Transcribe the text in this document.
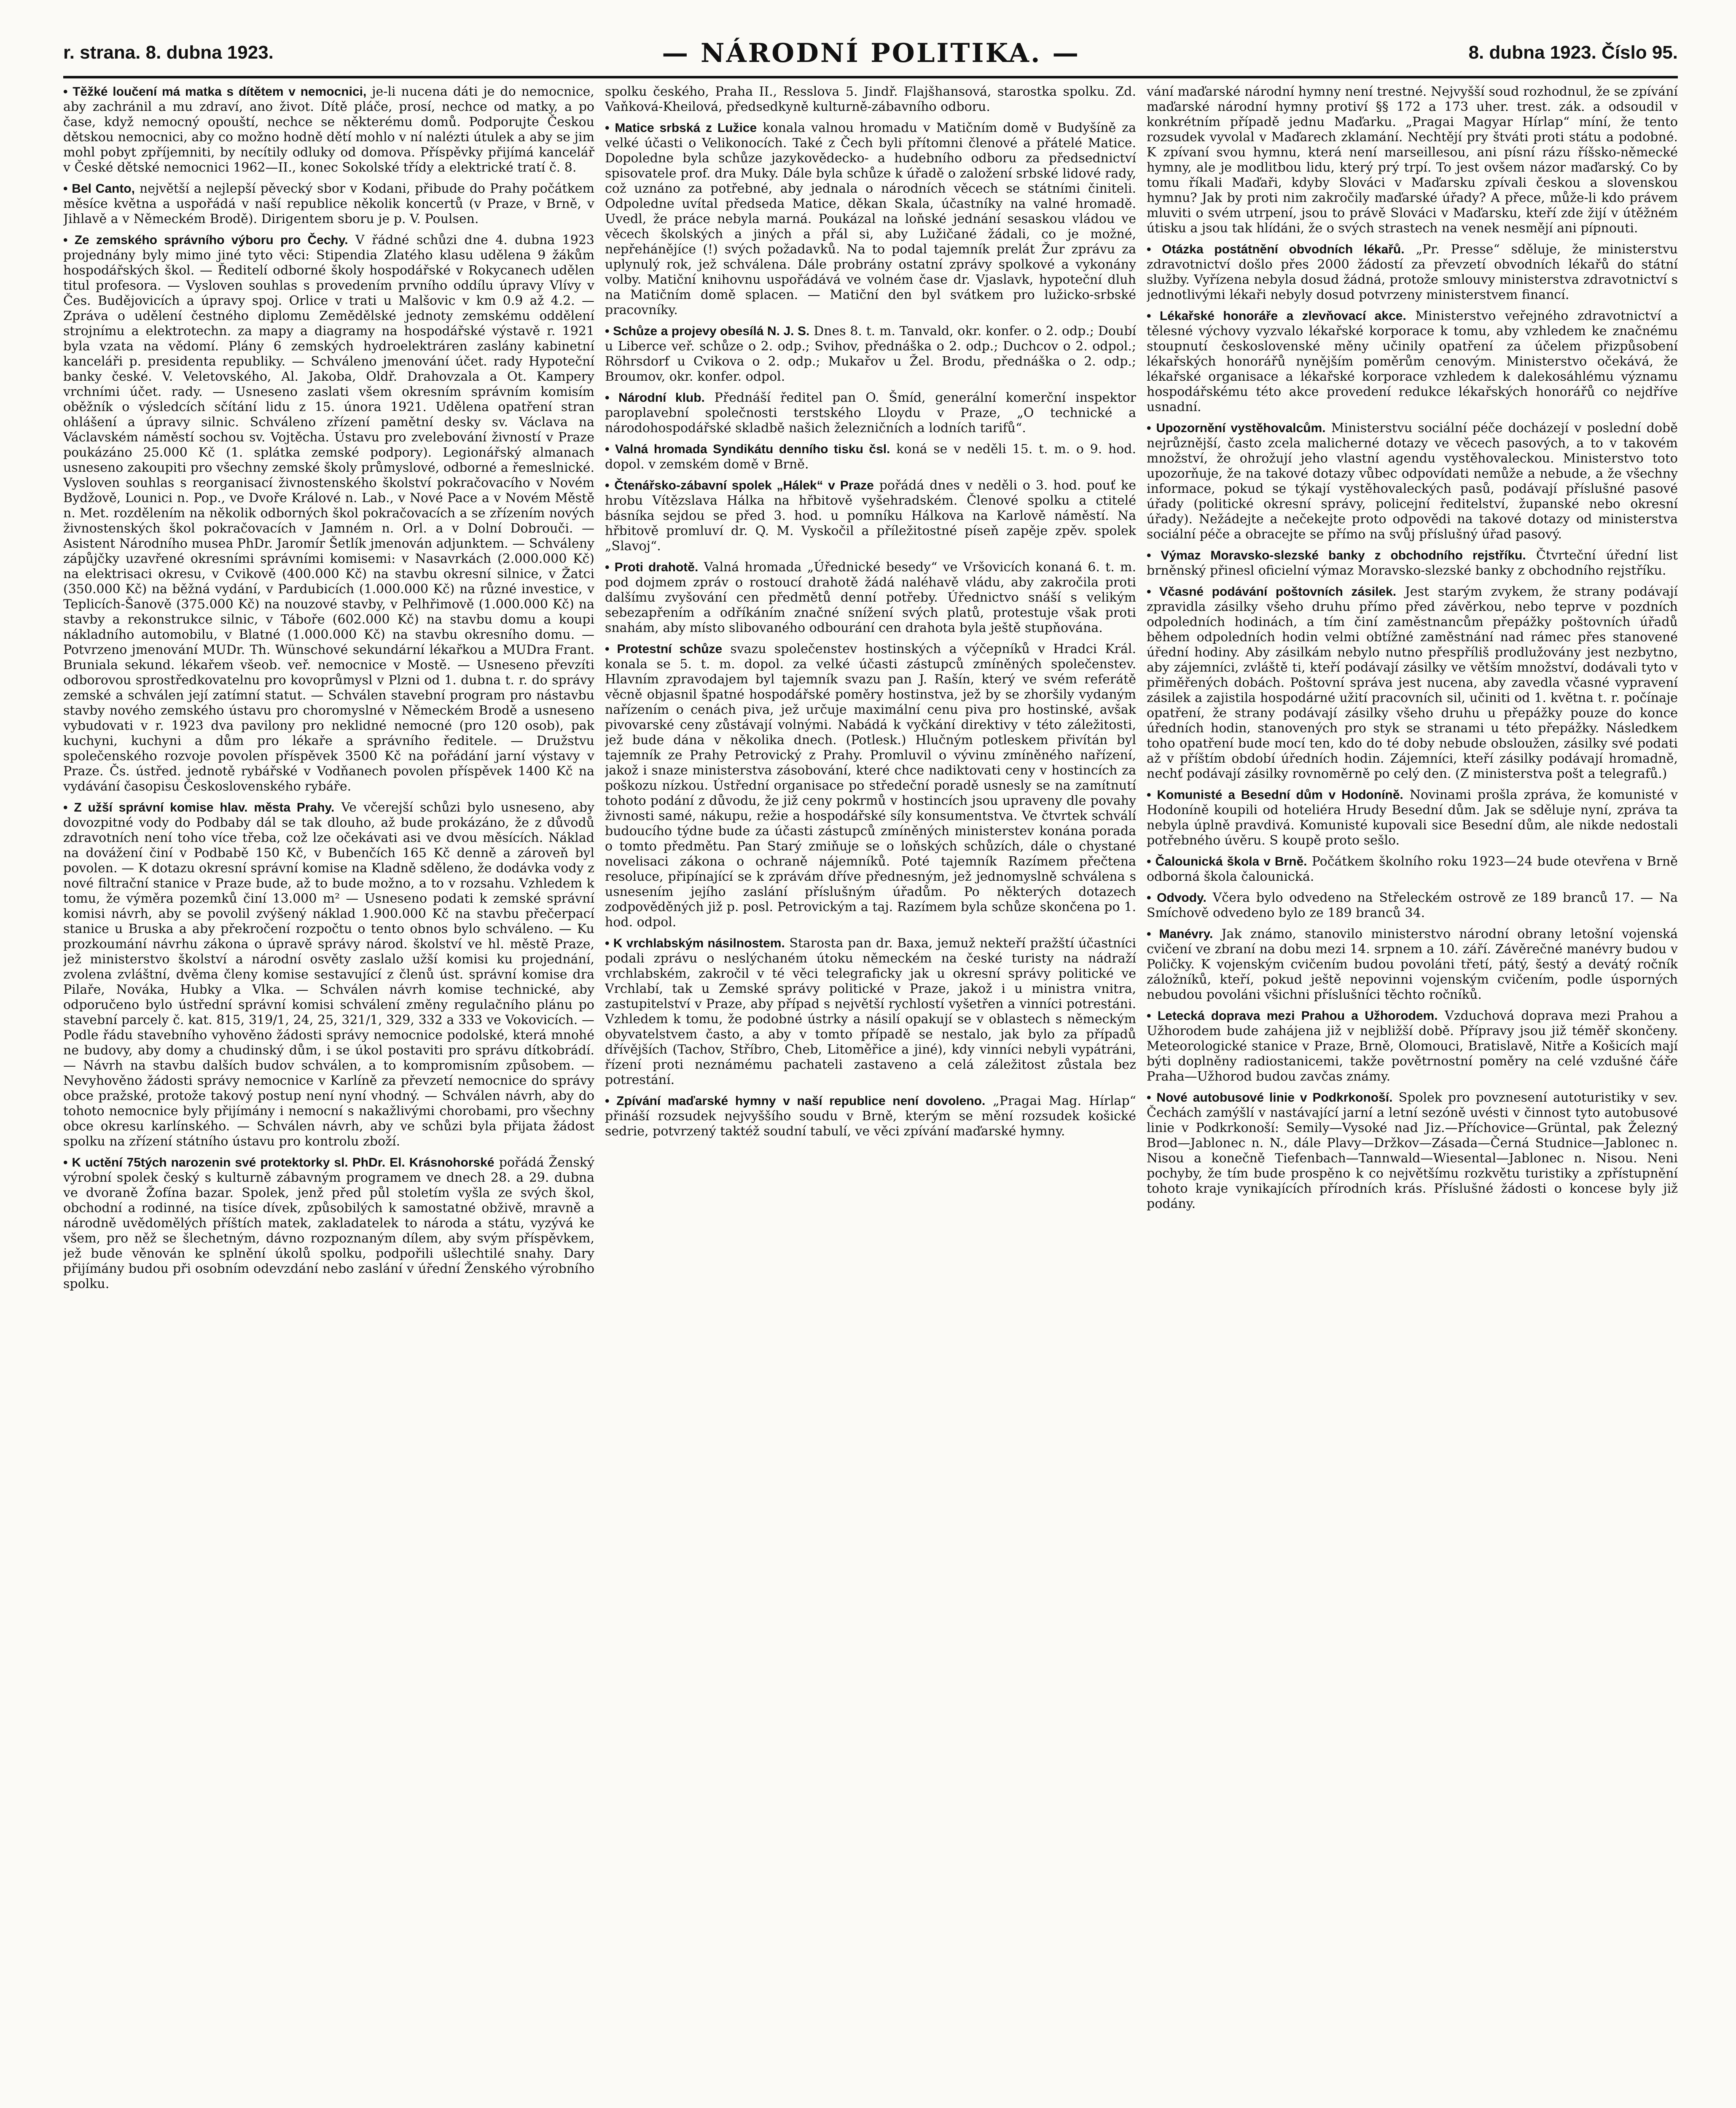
r. strana. 8. dubna 1923.	— NÁRODNÍ POLITIKA. —	8. dubna 1923. Číslo 95.

• Těžké loučení má matka s dítětem v nemocnici, je-li nucena dáti je do nemocnice, aby zachránil a mu zdraví, ano život. Dítě pláče, prosí, nechce od matky, a po čase, když nemocný opouští, nechce se některému domů. Podporujte Českou dětskou nemocnici, aby co možno hodně dětí mohlo v ní nalézti útulek a aby se jim mohl pobyt zpříjemniti, by necítily odluky od domova. Příspěvky přijímá kancelář v České dětské nemocnici 1962—II., konec Sokolské třídy a elektrické tratí č. 8.

• Bel Canto, největší a nejlepší pěvecký sbor v Kodani, přibude do Prahy počátkem měsíce května a uspořádá v naší republice několik koncertů (v Praze, v Brně, v Jihlavě a v Německém Brodě). Dirigentem sboru je p. V. Poulsen.

• Ze zemského správního výboru pro Čechy. V řádné schůzi dne 4. dubna 1923 projednány byly mimo jiné tyto věci: Stipendia Zlatého klasu udělena 9 žákům hospodářských škol. — Ředitelí odborné školy hospodářské v Rokycanech udělen titul profesora. — Vysloven souhlas s provedením prvního oddílu úpravy Vlívy v Čes. Budějovicích a úpravy spoj. Orlice v trati u Malšovic v km 0.9 až 4.2. — Zpráva o udělení čestného diplomu Zemědělské jednoty zemskému oddělení strojnímu a elektrotechn. za mapy a diagramy na hospodářské výstavě r. 1921 byla vzata na vědomí. Plány 6 zemských hydroelektráren zaslány kabinetní kanceláři p. presidenta republiky. — Schváleno jmenování účet. rady Hypoteční banky české. V. Veletovského, Al. Jakoba, Oldř. Drahovzala a Ot. Kampery vrchními účet. rady. — Usneseno zaslati všem okresním správním komisím oběžník o výsledcích sčítání lidu z 15. února 1921. Udělena opatření stran ohlášení a úpravy silnic. Schváleno zřízení pamětní desky sv. Václava na Václavském náměstí sochou sv. Vojtěcha. Ústavu pro zvelebování živností v Praze poukázáno 25.000 Kč (1. splátka zemské podpory). Legionářský almanach usneseno zakoupiti pro všechny zemské školy průmyslové, odborné a řemeslnické. Vysloven souhlas s reorganisací živnostenského školství pokračovacího v Novém Bydžově, Lounici n. Pop., ve Dvoře Králové n. Lab., v Nové Pace a v Novém Městě n. Met. rozdělením na několik odborných škol pokračovacích a se zřízením nových živnostenských škol pokračovacích v Jamném n. Orl. a v Dolní Dobrouči. — Asistent Národního musea PhDr. Jaromír Šetlík jmenován adjunktem. — Schváleny zápůjčky uzavřené okresními správními komisemi: v Nasavrkách (2.000.000 Kč) na elektrisaci okresu, v Cvikově (400.000 Kč) na stavbu okresní silnice, v Žatci (350.000 Kč) na běžná vydání, v Pardubicích (1.000.000 Kč) na různé investice, v Teplicích-Šanově (375.000 Kč) na nouzové stavby, v Pelhřimově (1.000.000 Kč) na stavby a rekonstrukce silnic, v Táboře (602.000 Kč) na stavbu domu a koupi nákladního automobilu, v Blatné (1.000.000 Kč) na stavbu okresního domu. — Potvrzeno jmenování MUDr. Th. Wünschové sekundární lékařkou a MUDra Frant. Bruniala sekund. lékařem všeob. veř. nemocnice v Mostě. — Usneseno převzíti odborovou sprostředkovatelnu pro kovoprůmysl v Plzni od 1. dubna t. r. do správy zemské a schválen její zatímní statut. — Schválen stavební program pro nástavbu stavby nového zemského ústavu pro choromyslné v Německém Brodě a usneseno vybudovati v r. 1923 dva pavilony pro neklidné nemocné (pro 120 osob), pak kuchyni, kuchyni a dům pro lékaře a správního ředitele. — Družstvu společenského rozvoje povolen příspěvek 3500 Kč na pořádání jarní výstavy v Praze. Čs. ústřed. jednotě rybářské v Vodňanech povolen příspěvek 1400 Kč na vydávání časopisu Československého rybáře.

• Z užší správní komise hlav. města Prahy. Ve včerejší schůzi bylo usneseno, aby dovozpitné vody do Podbaby dál se tak dlouho, až bude prokázáno, že z důvodů zdravotních není toho více třeba, což lze očekávati asi ve dvou měsících. Náklad na dovážení činí v Podbabě 150 Kč, v Bubenčích 165 Kč denně a zároveň byl povolen. — K dotazu okresní správní komise na Kladně sděleno, že dodávka vody z nové filtrační stanice v Praze bude, až to bude možno, a to v rozsahu. Vzhledem k tomu, že výměra pozemků činí 13.000 m² — Usneseno podati k zemské správní komisi návrh, aby se povolil zvýšený náklad 1.900.000 Kč na stavbu přečerpací stanice u Bruska a aby překročení rozpočtu o tento obnos bylo schváleno. — Ku prozkoumání návrhu zákona o úpravě správy národ. školství ve hl. městě Praze, jež ministerstvo školství a národní osvěty zaslalo užší komisi ku projednání, zvolena zvláštní, dvěma členy komise sestavující z členů úst. správní komise dra Pilaře, Nováka, Hubky a Vlka. — Schválen návrh komise technické, aby odporučeno bylo ústřední správní komisi schválení změny regulačního plánu po stavební parcely č. kat. 815, 319/1, 24, 25, 321/1, 329, 332 a 333 ve Vokovicích. — Podle řádu stavebního vyhověno žádosti správy nemocnice podolské, která mnohé ne budovy, aby domy a chudinský dům, i se úkol postaviti pro správu dítkobrádí. — Návrh na stavbu dalších budov schválen, a to kompromisním způsobem. — Nevyhověno žádosti správy nemocnice v Karlíně za převzetí nemocnice do správy obce pražské, protože takový postup není nyní vhodný. — Schválen návrh, aby do tohoto nemocnice byly přijímány i nemocní s nakažlivými chorobami, pro všechny obce okresu karlínského. — Schválen návrh, aby ve schůzi byla přijata žádost spolku na zřízení státního ústavu pro kontrolu zboží.

• K uctění 75tých narozenin své protektorky sl. PhDr. El. Krásnohorské pořádá Ženský výrobní spolek český s kulturně zábavným programem ve dnech 28. a 29. dubna ve dvoraně Žofína bazar. Spolek, jenž před půl stoletím vyšla ze svých škol, obchodní a rodinné, na tisíce dívek, způsobilých k samostatné obživě, mravně a národně uvědomělých příštích matek, zakladatelek to národa a státu, vyzývá ke všem, pro něž se šlechetným, dávno rozpoznaným dílem, aby svým příspěvkem, jež bude věnován ke splnění úkolů spolku, podpořili ušlechtilé snahy. Dary přijímány budou při osobním odevzdání nebo zaslání v úřední Ženského výrobního spolku.

spolku českého, Praha II., Resslova 5. Jindř. Flajšhansová, starostka spolku. Zd. Vaňková-Kheilová, předsedkyně kulturně-zábavního odboru.

• Matice srbská z Lužice konala valnou hromadu v Matičním domě v Budyšíně za velké účasti o Velikonocích. Také z Čech byli přítomni členové a přátelé Matice. Dopoledne byla schůze jazykovědecko- a hudebního odboru za předsednictví spisovatele prof. dra Muky. Dále byla schůze k úřadě o založení srbské lidové rady, což uznáno za potřebné, aby jednala o národních věcech se státními činiteli. Odpoledne uvítal předseda Matice, děkan Skala, účastníky na valné hromadě. Uvedl, že práce nebyla marná. Poukázal na loňské jednání sesaskou vládou ve věcech školských a jiných a přál si, aby Lužičané žádali, co je možné, nepřehánějíce (!) svých požadavků. Na to podal tajemník prelát Žur zprávu za uplynulý rok, jež schválena. Dále probrány ostatní zprávy spolkové a vykonány volby. Matiční knihovnu uspořádává ve volném čase dr. Vjaslavk, hypoteční dluh na Matičním domě splacen. — Matiční den byl svátkem pro lužicko-srbské pracovníky.

• Schůze a projevy obesílá N. J. S. Dnes 8. t. m. Tanvald, okr. konfer. o 2. odp.; Doubí u Liberce veř. schůze o 2. odp.; Svihov, přednáška o 2. odp.; Duchcov o 2. odpol.; Röhrsdorf u Cvikova o 2. odp.; Mukařov u Žel. Brodu, přednáška o 2. odp.; Broumov, okr. konfer. odpol.

• Národní klub. Přednáší ředitel pan O. Šmíd, generální komerční inspektor paroplavební společnosti terstského Lloydu v Praze, „O technické a národohospodářské skladbě našich železničních a lodních tarifů“.

• Valná hromada Syndikátu denního tisku čsl. koná se v neděli 15. t. m. o 9. hod. dopol. v zemském domě v Brně.

• Čtenářsko-zábavní spolek „Hálek“ v Praze pořádá dnes v neděli o 3. hod. pouť ke hrobu Vítězslava Hálka na hřbitově vyšehradském. Členové spolku a ctitelé básníka sejdou se před 3. hod. u pomníku Hálkova na Karlově náměstí. Na hřbitově promluví dr. Q. M. Vyskočil a příležitostné píseň zapěje zpěv. spolek „Slavoj“.

• Proti drahotě. Valná hromada „Úřednické besedy“ ve Vršovicích konaná 6. t. m. pod dojmem zpráv o rostoucí drahotě žádá naléhavě vládu, aby zakročila proti dalšímu zvyšování cen předmětů denní potřeby. Úřednictvo snáší s velikým sebezapřením a odříkáním značné snížení svých platů, protestuje však proti snahám, aby místo slibovaného odbourání cen drahota byla ještě stupňována.

• Protestní schůze svazu společenstev hostinských a výčepníků v Hradci Král. konala se 5. t. m. dopol. za velké účasti zástupců zmíněných společenstev. Hlavním zpravodajem byl tajemník svazu pan J. Rašín, který ve svém referátě věcně objasnil špatné hospodářské poměry hostinstva, jež by se zhoršily vydaným nařízením o cenách piva, jež určuje maximální cenu piva pro hostinské, avšak pivovarské ceny zůstávají volnými. Nabádá k vyčkání direktivy v této záležitosti, jež bude dána v několika dnech. (Potlesk.) Hlučným potleskem přivítán byl tajemník ze Prahy Petrovický z Prahy. Promluvil o vývinu zmíněného nařízení, jakož i snaze ministerstva zásobování, které chce nadiktovati ceny v hostincích za poškozu nízkou. Ústřední organisace po středeční poradě usnesly se na zamítnutí tohoto podání z důvodu, že již ceny pokrmů v hostincích jsou upraveny dle povahy živnosti samé, nákupu, režie a hospodářské síly konsumentstva. Ve čtvrtek schválí budoucího týdne bude za účasti zástupců zmíněných ministerstev konána porada o tomto předmětu. Pan Starý zmiňuje se o loňských schůzích, dále o chystané novelisaci zákona o ochraně nájemníků. Poté tajemník Razímem přečtena resoluce, připínající se k zprávám dříve přednesným, jež jednomyslně schválena s usnesením jejího zaslání příslušným úřadům. Po některých dotazech zodpověděných již p. posl. Petrovickým a taj. Razímem byla schůze skončena po 1. hod. odpol.

• K vrchlabským násilnostem. Starosta pan dr. Baxa, jemuž nekteří pražští účastníci podali zprávu o neslýchaném útoku německém na české turisty na nádraží vrchlabském, zakročil v té věci telegraficky jak u okresní správy politické ve Vrchlabí, tak u Zemské správy politické v Praze, jakož i u ministra vnitra, zastupitelství v Praze, aby případ s největší rychlostí vyšetřen a vinníci potrestáni. Vzhledem k tomu, že podobné ústrky a násilí opakují se v oblastech s německým obyvatelstvem často, a aby v tomto případě se nestalo, jak bylo za případů dřívějších (Tachov, Stříbro, Cheb, Litoměřice a jiné), kdy vinníci nebyli vypátráni, řízení proti neznámému pachateli zastaveno a celá záležitost zůstala bez potrestání.

• Zpívání maďarské hymny v naší republice není dovoleno. „Pragai Mag. Hírlap“ přináší rozsudek nejvyššího soudu v Brně, kterým se mění rozsudek košické sedrie, potvrzený taktéž soudní tabulí, ve věci zpívání maďarské hymny.

vání maďarské národní hymny není trestné. Nejvyšší soud rozhodnul, že se zpívání maďarské národní hymny protiví §§ 172 a 173 uher. trest. zák. a odsoudil v konkrétním případě jednu Maďarku. „Pragai Magyar Hírlap“ míní, že tento rozsudek vyvolal v Maďarech zklamání. Nechtějí pry štváti proti státu a podobné. K zpívaní svou hymnu, která není marseillesou, ani písní rázu říšsko-německé hymny, ale je modlitbou lidu, který prý trpí. To jest ovšem názor maďarský. Co by tomu říkali Maďaři, kdyby Slováci v Maďarsku zpívali českou a slovenskou hymnu? Jak by proti nim zakročily maďarské úřady? A přece, může-li kdo právem mluviti o svém utrpení, jsou to právě Slováci v Maďarsku, kteří zde žijí v útěžném útisku a jsou tak hlídáni, že o svých strastech na venek nesmějí ani pípnouti.

• Otázka postátnění obvodních lékařů. „Pr. Presse“ sděluje, že ministerstvu zdravotnictví došlo přes 2000 žádostí za převzetí obvodních lékařů do státní služby. Vyřízena nebyla dosud žádná, protože smlouvy ministerstva zdravotnictví s jednotlivými lékaři nebyly dosud potvrzeny ministerstvem financí.

• Lékařské honoráře a zlevňovací akce. Ministerstvo veřejného zdravotnictví a tělesné výchovy vyzvalo lékařské korporace k tomu, aby vzhledem ke značnému stoupnutí československé měny učinily opatření za účelem přizpůsobení lékařských honorářů nynějším poměrům cenovým. Ministerstvo očekává, že lékařské organisace a lékařské korporace vzhledem k dalekosáhlému významu hospodářskému této akce provedení redukce lékařských honorářů co nejdříve usnadní.

• Upozornění vystěhovalcům. Ministerstvu sociální péče docházejí v poslední době nejrůznější, často zcela malicherné dotazy ve věcech pasových, a to v takovém množství, že ohrožují jeho vlastní agendu vystěhovaleckou. Ministerstvo toto upozorňuje, že na takové dotazy vůbec odpovídati nemůže a nebude, a že všechny informace, pokud se týkají vystěhovaleckých pasů, podávají příslušné pasové úřady (politické okresní správy, policejní ředitelství, županské nebo okresní úřady). Nežádejte a nečekejte proto odpovědi na takové dotazy od ministerstva sociální péče a obracejte se přímo na svůj příslušný úřad pasový.

• Výmaz Moravsko-slezské banky z obchodního rejstříku. Čtvrteční úřední list brněnský přinesl oficielní výmaz Moravsko-slezské banky z obchodního rejstříku.

• Včasné podávání poštovních zásilek. Jest starým zvykem, že strany podávají zpravidla zásilky všeho druhu přímo před závěrkou, nebo teprve v pozdních odpoledních hodinách, a tím činí zaměstnancům přepážky poštovních úřadů během odpoledních hodin velmi obtížné zaměstnání nad rámec přes stanovené úřední hodiny. Aby zásilkám nebylo nutno přespříliš prodlužovány jest nezbytno, aby zájemníci, zvláště ti, kteří podávají zásilky ve větším množství, dodávali tyto v přiměřených dobách. Poštovní správa jest nucena, aby zavedla včasné vypravení zásilek a zajistila hospodárné užití pracovních sil, učiniti od 1. května t. r. počínaje opatření, že strany podávají zásilky všeho druhu u přepážky pouze do konce úředních hodin, stanovených pro styk se stranami u této přepážky. Následkem toho opatření bude mocí ten, kdo do té doby nebude obsloužen, zásilky své podati až v příštím období úředních hodin. Zájemníci, kteří zásilky podávají hromadně, nechť podávají zásilky rovnoměrně po celý den. (Z ministerstva pošt a telegrafů.)

• Komunisté a Besední dům v Hodoníně. Novinami prošla zpráva, že komunisté v Hodoníně koupili od hoteliéra Hrudy Besední dům. Jak se sděluje nyní, zpráva ta nebyla úplně pravdivá. Komunisté kupovali sice Besední dům, ale nikde nedostali potřebného úvěru. S koupě proto sešlo.

• Čalounická škola v Brně. Počátkem školního roku 1923—24 bude otevřena v Brně odborná škola čalounická.

• Odvody. Včera bylo odvedeno na Střeleckém ostrově ze 189 branců 17. — Na Smíchově odvedeno bylo ze 189 branců 34.

• Manévry. Jak známo, stanovilo ministerstvo národní obrany letošní vojenská cvičení ve zbraní na dobu mezi 14. srpnem a 10. září. Závěrečné manévry budou v Poličky. K vojenským cvičením budou povoláni třetí, pátý, šestý a devátý ročník záložníků, kteří, pokud ještě nepovinni vojenským cvičením, podle úsporných nebudou povoláni všichni příslušníci těchto ročníků.

• Letecká doprava mezi Prahou a Užhorodem. Vzduchová doprava mezi Prahou a Užhorodem bude zahájena již v nejbližší době. Přípravy jsou již téměř skončeny. Meteorologické stanice v Praze, Brně, Olomouci, Bratislavě, Nitře a Košicích mají býti doplněny radiostanicemi, takže povětrnostní poměry na celé vzdušné čáře Praha—Užhorod budou zavčas známy.

• Nové autobusové linie v Podkrkonoší. Spolek pro povznesení autoturistiky v sev. Čechách zamýšlí v nastávající jarní a letní sezóně uvésti v činnost tyto autobusové linie v Podkrkonoší: Semily—Vysoké nad Jiz.—Příchovice—Grüntal, pak Železný Brod—Jablonec n. N., dále Plavy—Držkov—Zásada—Černá Studnice—Jablonec n. Nisou a konečně Tiefenbach—Tannwald—Wiesental—Jablonec n. Nisou. Neni pochyby, že tím bude prospěno k co největšímu rozkvětu turistiky a zpřístupnění tohoto kraje vynikajících přírodních krás. Příslušné žádosti o koncese byly již podány.
